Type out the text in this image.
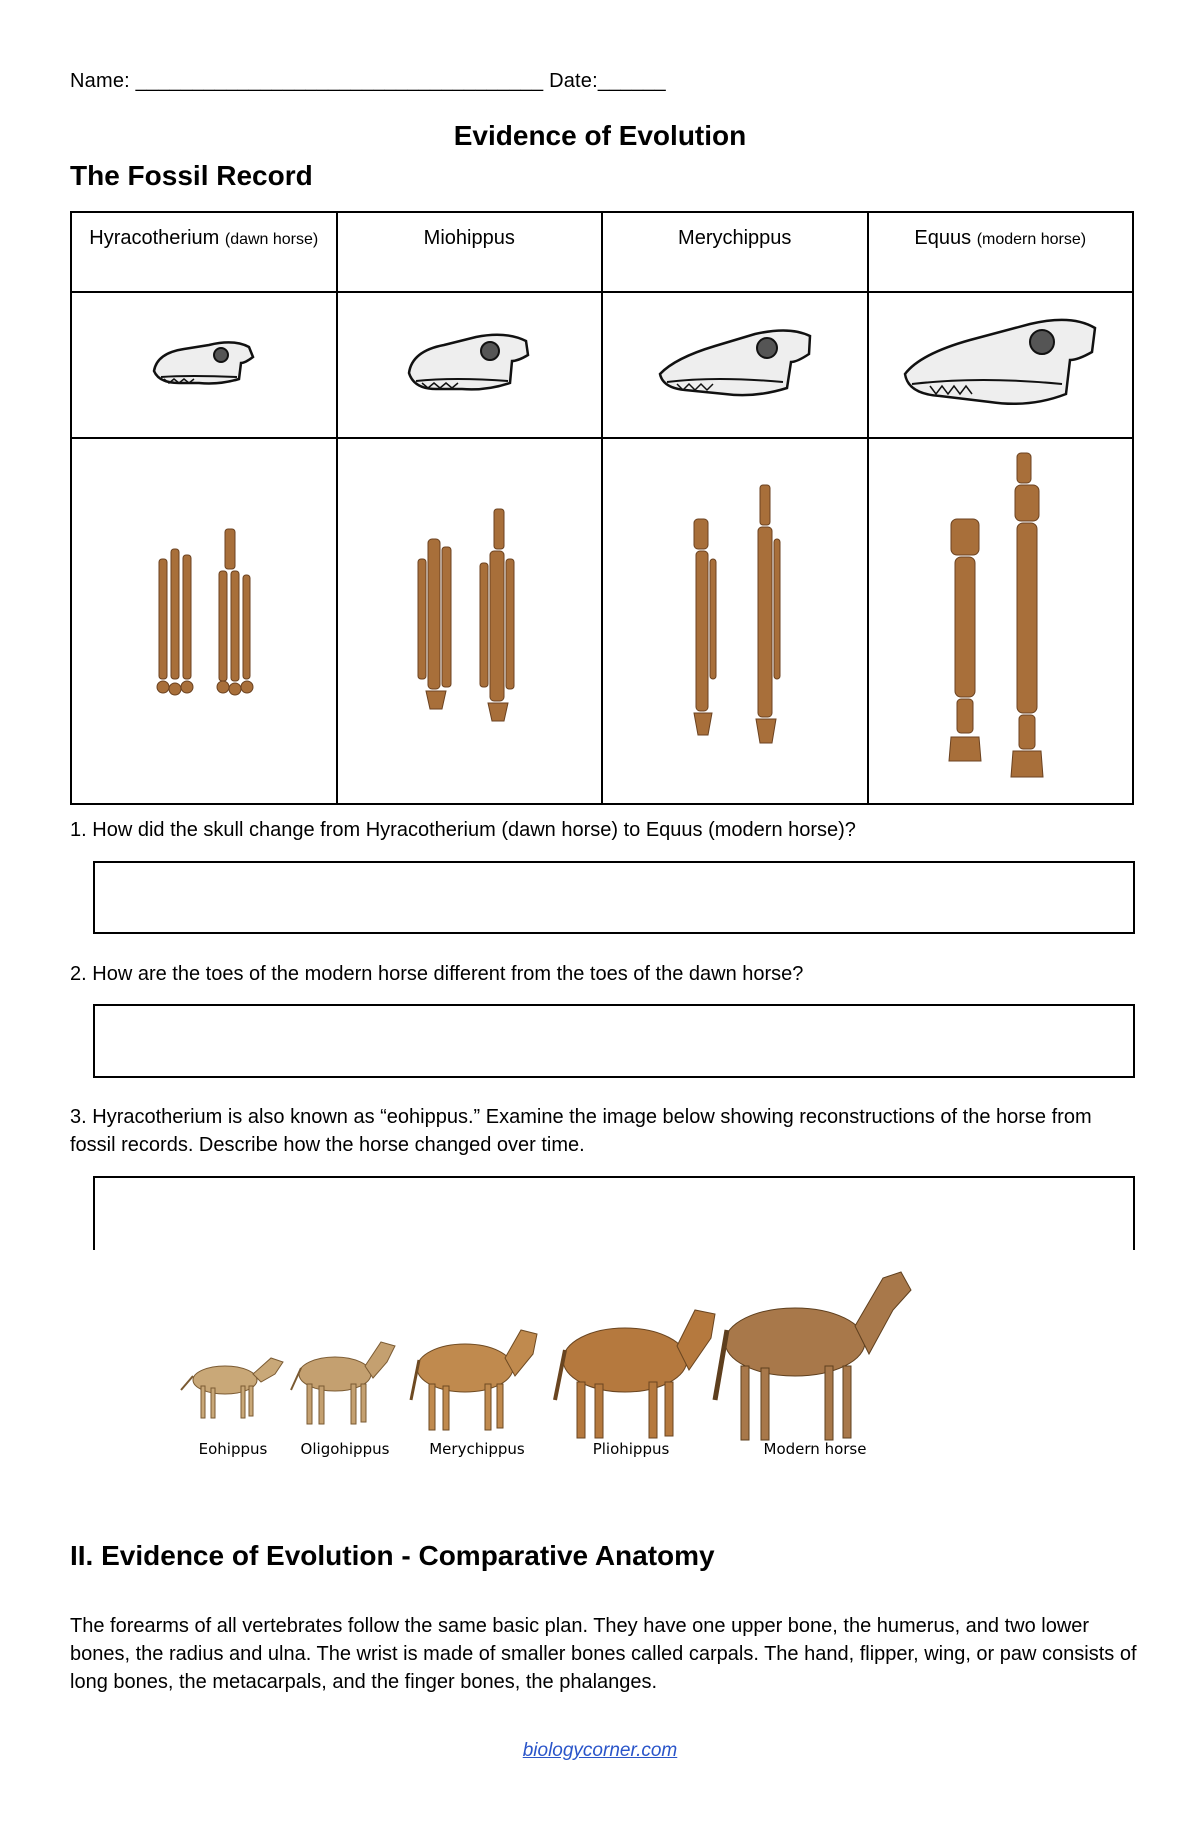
Name: ____________________________________ Date:______
Evidence of Evolution
The Fossil Record
Hyracotherium (dawn horse)	Miohippus	Merychippus	Equus (modern horse)

1. How did the skull change from Hyracotherium (dawn horse) to Equus (modern horse)?
2. How are the toes of the modern horse different from the toes of the dawn horse?
3. Hyracotherium is also known as “eohippus.” Examine the image below showing reconstructions of the horse from fossil records. Describe how the horse changed over time.
Eohippus Oligohippus	Merychippus	Pliohippus	Modern horse
II. Evidence of Evolution - Comparative Anatomy
The forearms of all vertebrates follow the same basic plan. They have one upper bone, the humerus, and two lower bones, the radius and ulna. The wrist is made of smaller bones called carpals. The hand, flipper, wing, or paw consists of long bones, the metacarpals, and the finger bones, the phalanges.
biologycorner.com
